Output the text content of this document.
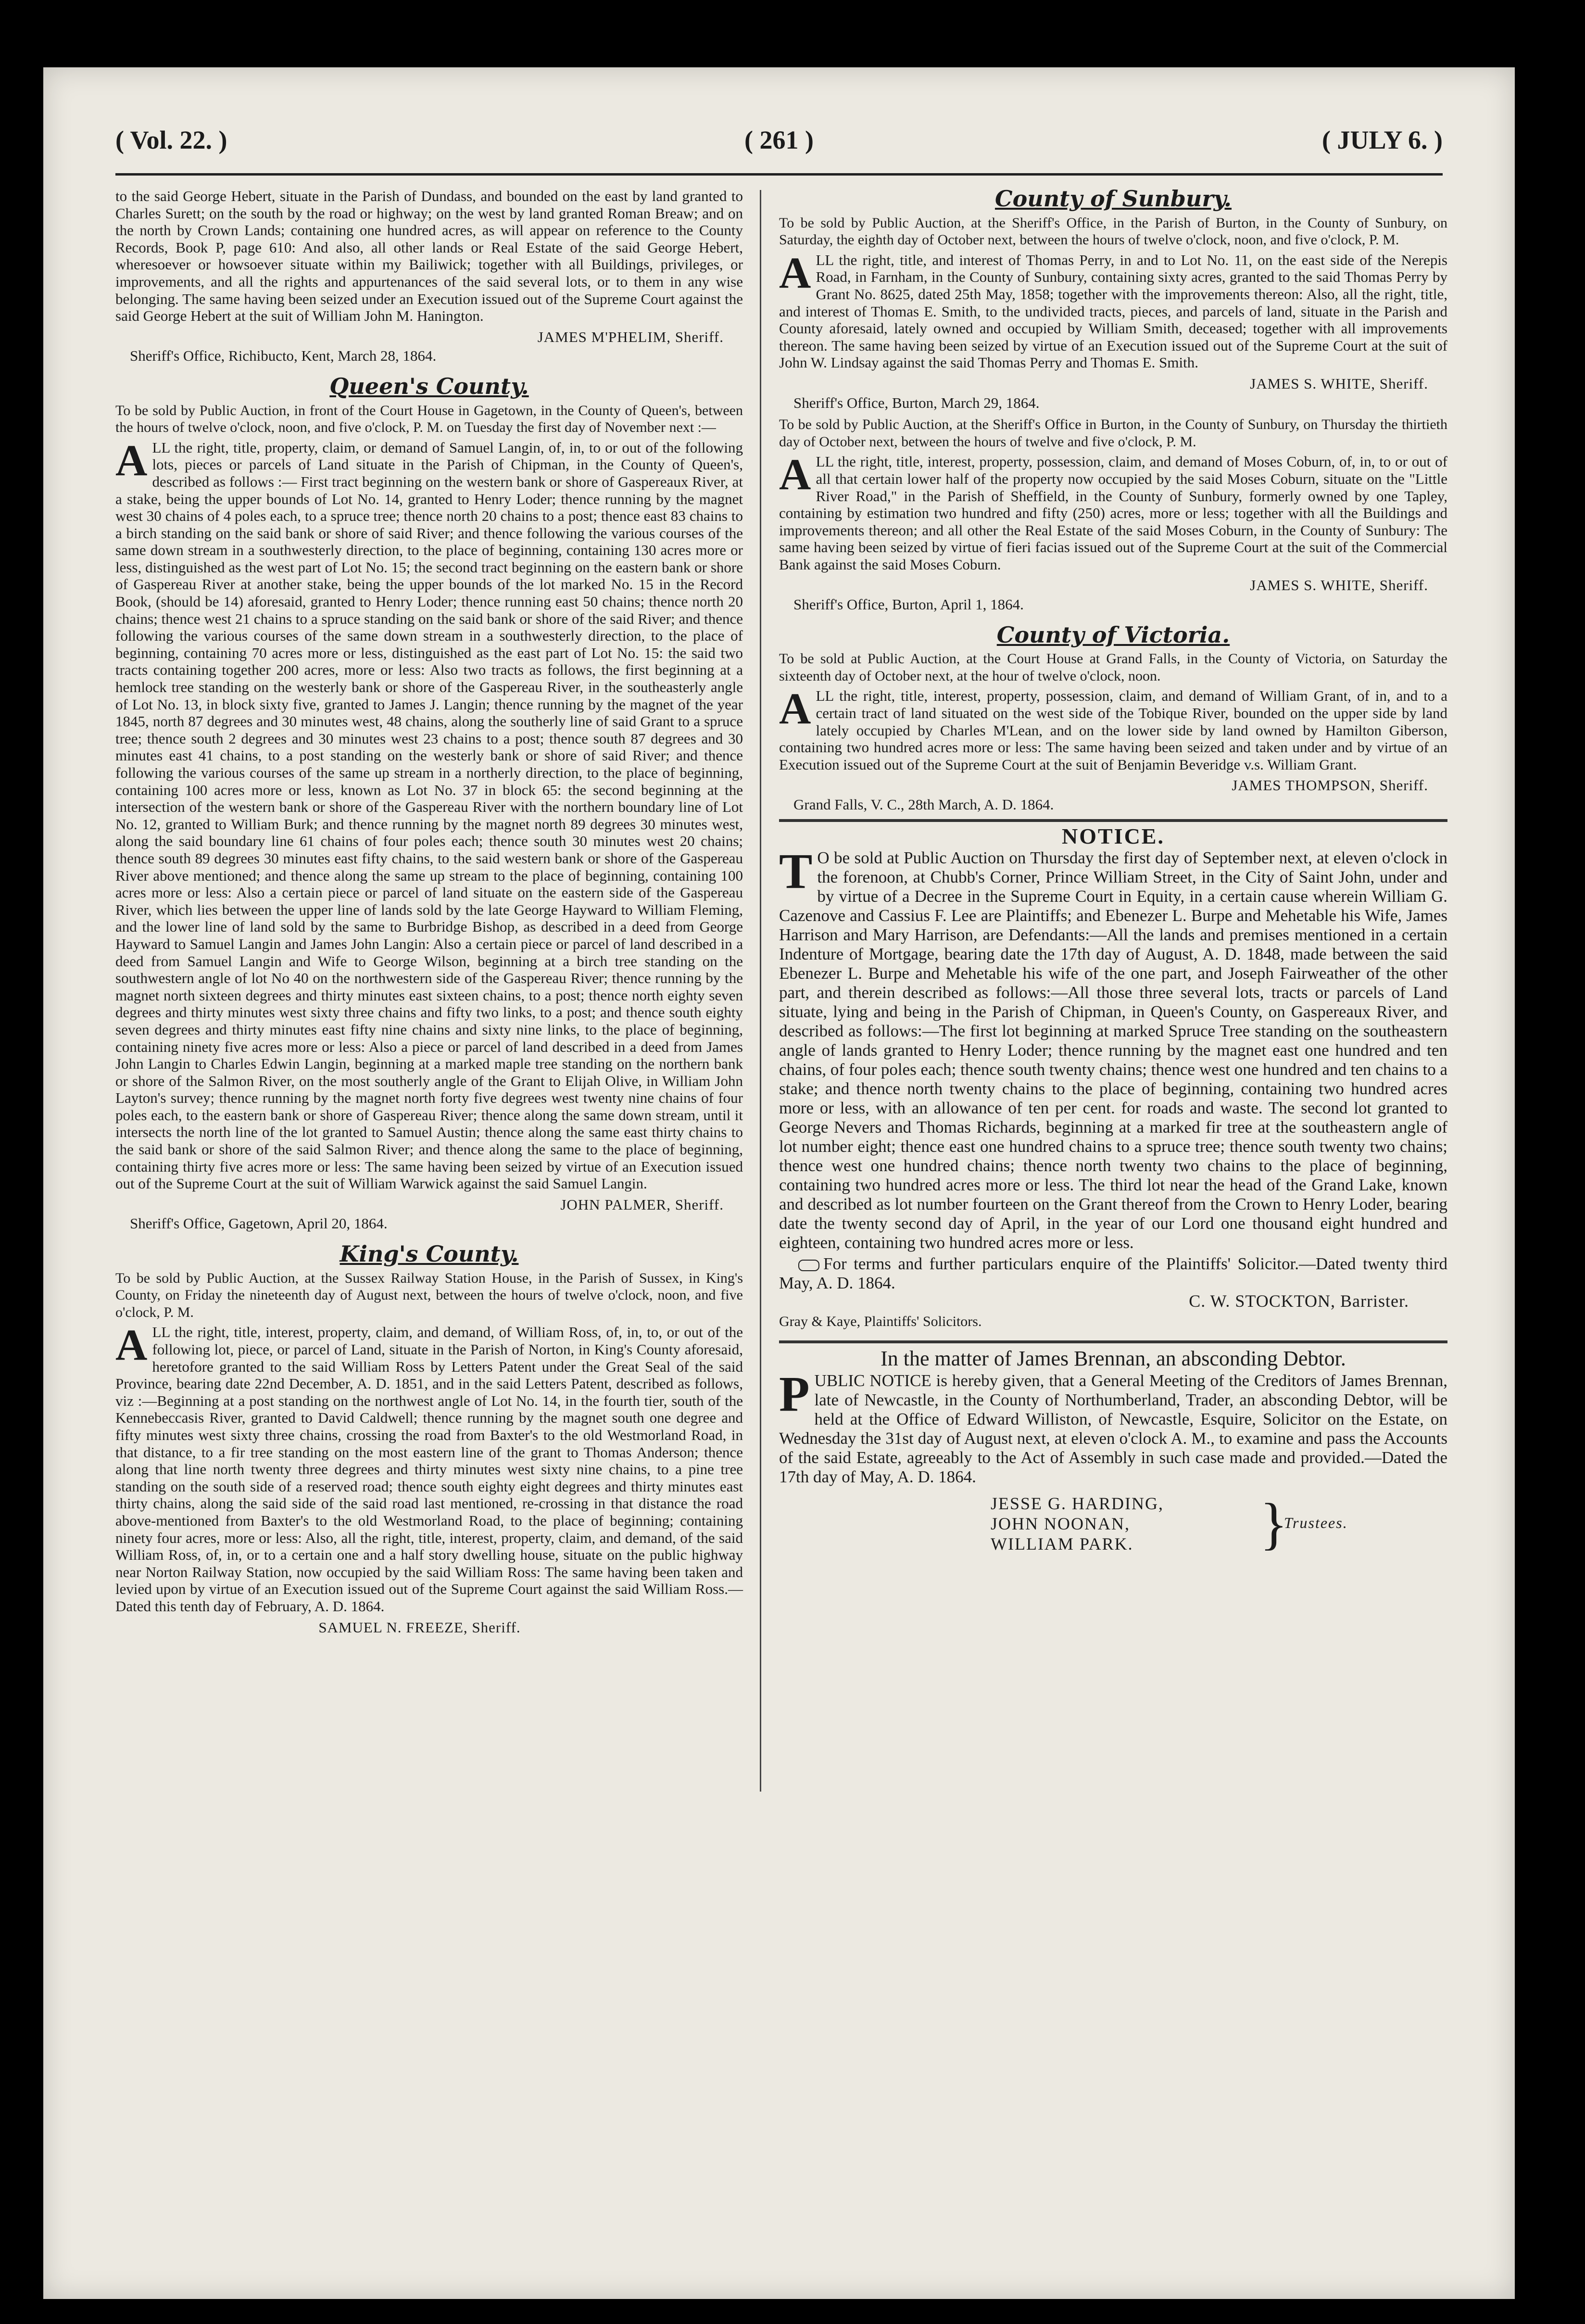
( Vol. 22. )	( 261 )	( JULY 6. )

to the said George Hebert, situate in the Parish of Dundass, and bounded on the east by land granted to Charles Surett; on the south by the road or highway; on the west by land granted Roman Breaw; and on the north by Crown Lands; containing one hundred acres, as will appear on reference to the County Records, Book P, page 610: And also, all other lands or Real Estate of the said George Hebert, wheresoever or howsoever situate within my Bailiwick; together with all Buildings, privileges, or improvements, and all the rights and appurtenances of the said several lots, or to them in any wise belonging. The same having been seized under an Execution issued out of the Supreme Court against the said George Hebert at the suit of William John M. Hanington.

JAMES M'PHELIM, Sheriff.

Sheriff's Office, Richibucto, Kent, March 28, 1864.

Queen's County.

To be sold by Public Auction, in front of the Court House in Gagetown, in the County of Queen's, between the hours of twelve o'clock, noon, and five o'clock, P. M. on Tuesday the first day of November next :—

ALL the right, title, property, claim, or demand of Samuel Langin, of, in, to or out of the following lots, pieces or parcels of Land situate in the Parish of Chipman, in the County of Queen's, described as follows :— First tract beginning on the western bank or shore of Gaspereaux River, at a stake, being the upper bounds of Lot No. 14, granted to Henry Loder; thence running by the magnet west 30 chains of 4 poles each, to a spruce tree; thence north 20 chains to a post; thence east 83 chains to a birch standing on the said bank or shore of said River; and thence following the various courses of the same down stream in a southwesterly direction, to the place of beginning, containing 130 acres more or less, distinguished as the west part of Lot No. 15; the second tract beginning on the eastern bank or shore of Gaspereau River at another stake, being the upper bounds of the lot marked No. 15 in the Record Book, (should be 14) aforesaid, granted to Henry Loder; thence running east 50 chains; thence north 20 chains; thence west 21 chains to a spruce standing on the said bank or shore of the said River; and thence following the various courses of the same down stream in a southwesterly direction, to the place of beginning, containing 70 acres more or less, distinguished as the east part of Lot No. 15: the said two tracts containing together 200 acres, more or less: Also two tracts as follows, the first beginning at a hemlock tree standing on the westerly bank or shore of the Gaspereau River, in the southeasterly angle of Lot No. 13, in block sixty five, granted to James J. Langin; thence running by the magnet of the year 1845, north 87 degrees and 30 minutes west, 48 chains, along the southerly line of said Grant to a spruce tree; thence south 2 degrees and 30 minutes west 23 chains to a post; thence south 87 degrees and 30 minutes east 41 chains, to a post standing on the westerly bank or shore of said River; and thence following the various courses of the same up stream in a northerly direction, to the place of beginning, containing 100 acres more or less, known as Lot No. 37 in block 65: the second beginning at the intersection of the western bank or shore of the Gaspereau River with the northern boundary line of Lot No. 12, granted to William Burk; and thence running by the magnet north 89 degrees 30 minutes west, along the said boundary line 61 chains of four poles each; thence south 30 minutes west 20 chains; thence south 89 degrees 30 minutes east fifty chains, to the said western bank or shore of the Gaspereau River above mentioned; and thence along the same up stream to the place of beginning, containing 100 acres more or less: Also a certain piece or parcel of land situate on the eastern side of the Gaspereau River, which lies between the upper line of lands sold by the late George Hayward to William Fleming, and the lower line of land sold by the same to Burbridge Bishop, as described in a deed from George Hayward to Samuel Langin and James John Langin: Also a certain piece or parcel of land described in a deed from Samuel Langin and Wife to George Wilson, beginning at a birch tree standing on the southwestern angle of lot No 40 on the northwestern side of the Gaspereau River; thence running by the magnet north sixteen degrees and thirty minutes east sixteen chains, to a post; thence north eighty seven degrees and thirty minutes west sixty three chains and fifty two links, to a post; and thence south eighty seven degrees and thirty minutes east fifty nine chains and sixty nine links, to the place of beginning, containing ninety five acres more or less: Also a piece or parcel of land described in a deed from James John Langin to Charles Edwin Langin, beginning at a marked maple tree standing on the northern bank or shore of the Salmon River, on the most southerly angle of the Grant to Elijah Olive, in William John Layton's survey; thence running by the magnet north forty five degrees west twenty nine chains of four poles each, to the eastern bank or shore of Gaspereau River; thence along the same down stream, until it intersects the north line of the lot granted to Samuel Austin; thence along the same east thirty chains to the said bank or shore of the said Salmon River; and thence along the same to the place of beginning, containing thirty five acres more or less: The same having been seized by virtue of an Execution issued out of the Supreme Court at the suit of William Warwick against the said Samuel Langin.

JOHN PALMER, Sheriff.

Sheriff's Office, Gagetown, April 20, 1864.

King's County.

To be sold by Public Auction, at the Sussex Railway Station House, in the Parish of Sussex, in King's County, on Friday the nineteenth day of August next, between the hours of twelve o'clock, noon, and five o'clock, P. M.

ALL the right, title, interest, property, claim, and demand, of William Ross, of, in, to, or out of the following lot, piece, or parcel of Land, situate in the Parish of Norton, in King's County aforesaid, heretofore granted to the said William Ross by Letters Patent under the Great Seal of the said Province, bearing date 22nd December, A. D. 1851, and in the said Letters Patent, described as follows, viz :—Beginning at a post standing on the northwest angle of Lot No. 14, in the fourth tier, south of the Kennebeccasis River, granted to David Caldwell; thence running by the magnet south one degree and fifty minutes west sixty three chains, crossing the road from Baxter's to the old Westmorland Road, in that distance, to a fir tree standing on the most eastern line of the grant to Thomas Anderson; thence along that line north twenty three degrees and thirty minutes west sixty nine chains, to a pine tree standing on the south side of a reserved road; thence south eighty eight degrees and thirty minutes east thirty chains, along the said side of the said road last mentioned, re-crossing in that distance the road above-mentioned from Baxter's to the old Westmorland Road, to the place of beginning; containing ninety four acres, more or less: Also, all the right, title, interest, property, claim, and demand, of the said William Ross, of, in, or to a certain one and a half story dwelling house, situate on the public highway near Norton Railway Station, now occupied by the said William Ross: The same having been taken and levied upon by virtue of an Execution issued out of the Supreme Court against the said William Ross.—Dated this tenth day of February, A. D. 1864.

SAMUEL N. FREEZE, Sheriff.

County of Sunbury.

To be sold by Public Auction, at the Sheriff's Office, in the Parish of Burton, in the County of Sunbury, on Saturday, the eighth day of October next, between the hours of twelve o'clock, noon, and five o'clock, P. M.

ALL the right, title, and interest of Thomas Perry, in and to Lot No. 11, on the east side of the Nerepis Road, in Farnham, in the County of Sunbury, containing sixty acres, granted to the said Thomas Perry by Grant No. 8625, dated 25th May, 1858; together with the improvements thereon: Also, all the right, title, and interest of Thomas E. Smith, to the undivided tracts, pieces, and parcels of land, situate in the Parish and County aforesaid, lately owned and occupied by William Smith, deceased; together with all improvements thereon. The same having been seized by virtue of an Execution issued out of the Supreme Court at the suit of John W. Lindsay against the said Thomas Perry and Thomas E. Smith.

JAMES S. WHITE, Sheriff.

Sheriff's Office, Burton, March 29, 1864.

To be sold by Public Auction, at the Sheriff's Office in Burton, in the County of Sunbury, on Thursday the thirtieth day of October next, between the hours of twelve and five o'clock, P. M.

ALL the right, title, interest, property, possession, claim, and demand of Moses Coburn, of, in, to or out of all that certain lower half of the property now occupied by the said Moses Coburn, situate on the "Little River Road," in the Parish of Sheffield, in the County of Sunbury, formerly owned by one Tapley, containing by estimation two hundred and fifty (250) acres, more or less; together with all the Buildings and improvements thereon; and all other the Real Estate of the said Moses Coburn, in the County of Sunbury: The same having been seized by virtue of fieri facias issued out of the Supreme Court at the suit of the Commercial Bank against the said Moses Coburn.

JAMES S. WHITE, Sheriff.

Sheriff's Office, Burton, April 1, 1864.

County of Victoria.

To be sold at Public Auction, at the Court House at Grand Falls, in the County of Victoria, on Saturday the sixteenth day of October next, at the hour of twelve o'clock, noon.

ALL the right, title, interest, property, possession, claim, and demand of William Grant, of in, and to a certain tract of land situated on the west side of the Tobique River, bounded on the upper side by land lately occupied by Charles M'Lean, and on the lower side by land owned by Hamilton Giberson, containing two hundred acres more or less: The same having been seized and taken under and by virtue of an Execution issued out of the Supreme Court at the suit of Benjamin Beveridge v.s. William Grant.

JAMES THOMPSON, Sheriff.

Grand Falls, V. C., 28th March, A. D. 1864.

NOTICE.

T O be sold at Public Auction on Thursday the first day of September next, at eleven o'clock in the forenoon, at Chubb's Corner, Prince William Street, in the City of Saint John, under and by virtue of a Decree in the Supreme Court in Equity, in a certain cause wherein William G. Cazenove and Cassius F. Lee are Plaintiffs; and Ebenezer L. Burpe and Mehetable his Wife, James Harrison and Mary Harrison, are Defendants:—All the lands and premises mentioned in a certain Indenture of Mortgage, bearing date the 17th day of August, A. D. 1848, made between the said Ebenezer L. Burpe and Mehetable his wife of the one part, and Joseph Fairweather of the other part, and therein described as follows:—All those three several lots, tracts or parcels of Land situate, lying and being in the Parish of Chipman, in Queen's County, on Gaspereaux River, and described as follows:—The first lot beginning at marked Spruce Tree standing on the southeastern angle of lands granted to Henry Loder; thence running by the magnet east one hundred and ten chains, of four poles each; thence south twenty chains; thence west one hundred and ten chains to a stake; and thence north twenty chains to the place of beginning, containing two hundred acres more or less, with an allowance of ten per cent. for roads and waste. The second lot granted to George Nevers and Thomas Richards, beginning at a marked fir tree at the southeastern angle of lot number eight; thence east one hundred chains to a spruce tree; thence south twenty two chains; thence west one hundred chains; thence north twenty two chains to the place of beginning, containing two hundred acres more or less. The third lot near the head of the Grand Lake, known and described as lot number fourteen on the Grant thereof from the Crown to Henry Loder, bearing date the twenty second day of April, in the year of our Lord one thousand eight hundred and eighteen, containing two hundred acres more or less.

For terms and further particulars enquire of the Plaintiffs' Solicitor.—Dated twenty third May, A. D. 1864.

C. W. STOCKTON, Barrister.

Gray & Kaye, Plaintiffs' Solicitors.

In the matter of James Brennan, an absconding Debtor.

PUBLIC NOTICE is hereby given, that a General Meeting of the Creditors of James Brennan, late of Newcastle, in the County of Northumberland, Trader, an absconding Debtor, will be held at the Office of Edward Williston, of Newcastle, Esquire, Solicitor on the Estate, on Wednesday the 31st day of August next, at eleven o'clock A. M., to examine and pass the Accounts of the said Estate, agreeably to the Act of Assembly in such case made and provided.—Dated the 17th day of May, A. D. 1864.

JESSE G. HARDING,
JOHN NOONAN,
WILLIAM PARK.	}
Trustees.
